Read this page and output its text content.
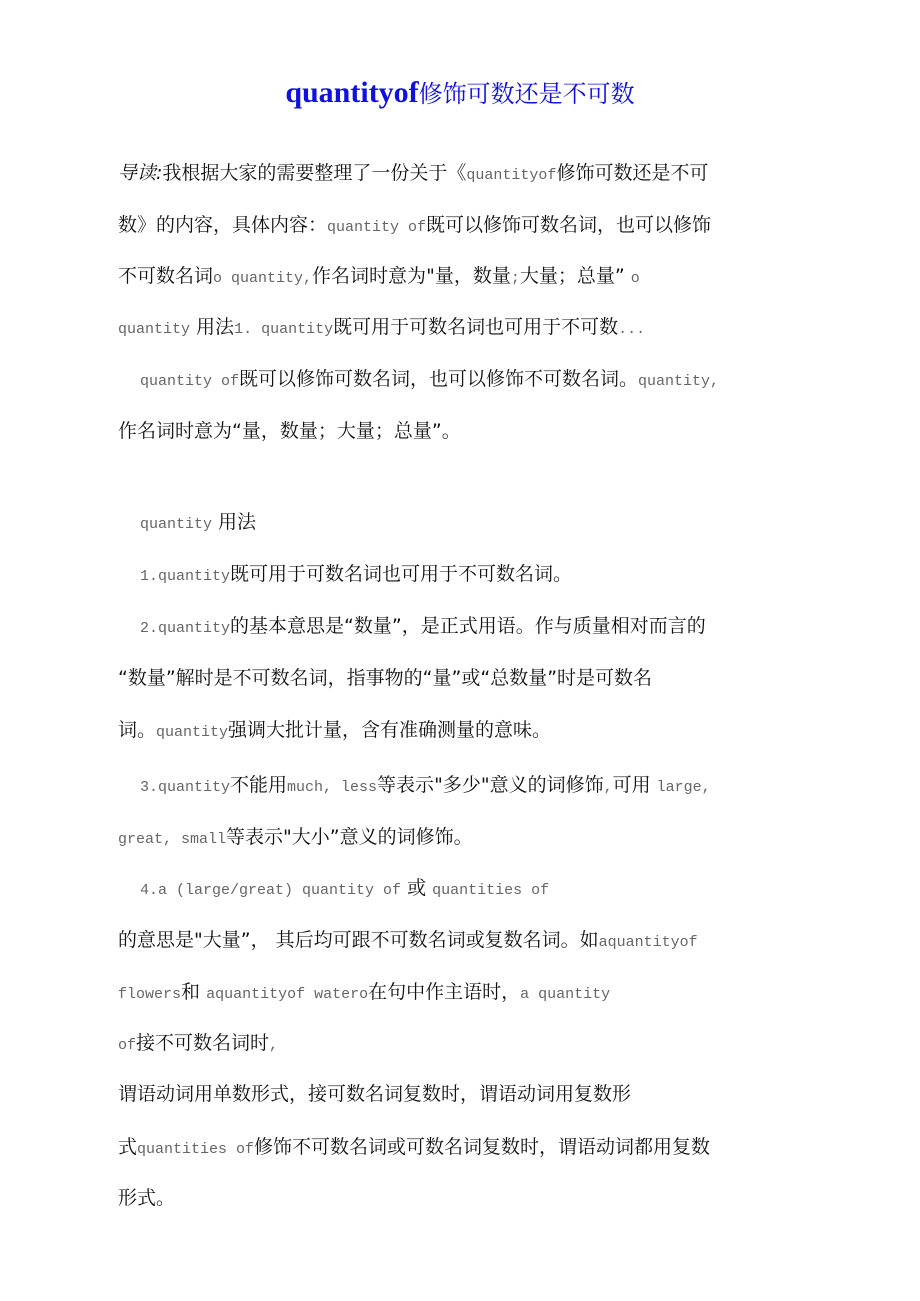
quantityof修饰可数还是不可数
导读:我根据大家的需要整理了一份关于《quantityof修饰可数还是不可
数》的内容，具体内容：quantity of既可以修饰可数名词，也可以修饰
不可数名词o quantity,作名词时意为"量，数量;大量；总量” o
quantity 用法1. quantity既可用于可数名词也可用于不可数...
quantity of既可以修饰可数名词，也可以修饰不可数名词。quantity,
作名词时意为“量，数量；大量；总量”。
quantity 用法
1.quantity既可用于可数名词也可用于不可数名词。
2.quantity的基本意思是“数量”，是正式用语。作与质量相对而言的
“数量”解时是不可数名词，指事物的“量”或“总数量”时是可数名
词。quantity强调大批计量，含有准确测量的意味。
3.quantity不能用much, less等表示"多少"意义的词修饰,可用 large,
great, small等表示"大小”意义的词修饰。
4.a (large/great) quantity of 或 quantities of
的意思是"大量”， 其后均可跟不可数名词或复数名词。如aquantityof
flowers和 aquantityof watero在句中作主语时，a quantity
of接不可数名词时,
谓语动词用单数形式，接可数名词复数时，谓语动词用复数形
式quantities of修饰不可数名词或可数名词复数时，谓语动词都用复数
形式。
